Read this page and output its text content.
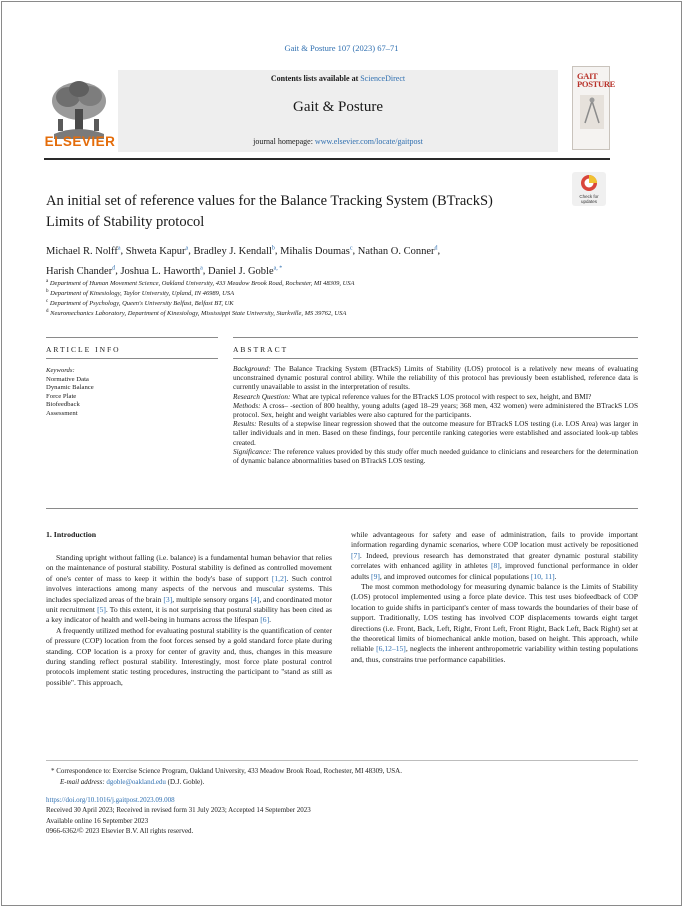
Gait & Posture 107 (2023) 67–71
ELSEVIER
Contents lists available at ScienceDirect
Gait & Posture
journal homepage: www.elsevier.com/locate/gaitpost
GAIT POSTURE
An initial set of reference values for the Balance Tracking System (BTrackS)
Limits of Stability protocol
Check for updates
Michael R. Nolff$^a$, Shweta Kapur$^a$, Bradley J. Kendall$^b$, Mihalis Doumas$^c$, Nathan O. Conner$^d$,
Harish Chander$^d$, Joshua L. Haworth$^a$, Daniel J. Goble$^{a, *}$
$^a$ Department of Human Movement Science, Oakland University, 433 Meadow Brook Road, Rochester, MI 48309, USA
$^b$ Department of Kinesiology, Taylor University, Upland, IN 46989, USA
$^c$ Department of Psychology, Queen's University Belfast, Belfast BT, UK
$^d$ Neuromechanics Laboratory, Department of Kinesiology, Mississippi State University, Starkville, MS 39762, USA
ARTICLE INFO	ABSTRACT
Keywords:
Normative Data
Dynamic Balance
Force Plate
Biofeedback
Assessment

Background: The Balance Tracking System (BTrackS) Limits of Stability (LOS) protocol is a relatively new means of evaluating unconstrained dynamic postural control ability. While the reliability of this protocol has previously been established, reference data is currently unavailable to assist in the interpretation of results.

Research Question: What are typical reference values for the BTrackS LOS protocol with respect to sex, height, and BMI?

Methods: A cross– -section of 800 healthy, young adults (aged 18–29 years; 368 men, 432 women) were administered the BTrackS LOS protocol. Sex, height and weight variables were also captured for the participants.

Results: Results of a stepwise linear regression showed that the outcome measure for BTrackS LOS testing (i.e. LOS Area) was larger in taller individuals and in men. Based on these findings, four percentile ranking categories were established and associated look-up tables created.

Significance: The reference values provided by this study offer much needed guidance to clinicians and researchers for the determination of dynamic balance abnormalities based on BTrackS LOS testing.

1. Introduction

Standing upright without falling (i.e. balance) is a fundamental human behavior that relies on the maintenance of postural stability. Postural stability is defined as controlled movement of one's center of mass to keep it within the body's base of support [1,2]. Such control involves interactions among many aspects of the nervous and muscular systems. This includes specialized areas of the brain [3], multiple sensory organs [4], and coordinated motor unit recruitment [5]. To this extent, it is not surprising that postural stability has been cited as a key indicator of health and well-being in humans across the lifespan [6].

A frequently utilized method for evaluating postural stability is the quantification of center of pressure (COP) location from the foot forces sensed by a gold standard force plate during standing. COP location is a proxy for center of gravity and, thus, changes in this measure during standing reflect postural stability. Interestingly, most force plate postural control protocols implement static testing procedures, instructing the participant to "stand as still as possible". This approach,

while advantageous for safety and ease of administration, fails to provide important information regarding dynamic scenarios, where COP location must actively be repositioned [7]. Indeed, previous research has demonstrated that greater dynamic postural stability correlates with enhanced agility in athletes [8], improved functional performance in older adults [9], and improved outcomes for clinical populations [10, 11].

The most common methodology for measuring dynamic balance is the Limits of Stability (LOS) protocol implemented using a force plate device. This test uses biofeedback of COP location to guide shifts in participant's center of mass towards the boundaries of their base of support. Traditionally, LOS testing has involved COP displacements towards eight target directions (i.e. Front, Back, Left, Right, Front Left, Front Right, Back Left, Back Right) set at the theoretical limits of biomechanical ankle motion, based on height. This approach, while reliable [6,12–15], neglects the inherent anthropometric variability within testing populations and, thus, constrains true performance capabilities.

* Correspondence to: Exercise Science Program, Oakland University, 433 Meadow Brook Road, Rochester, MI 48309, USA.
E-mail address: dgoble@oakland.edu (D.J. Goble).
https://doi.org/10.1016/j.gaitpost.2023.09.008
Received 30 April 2023; Received in revised form 31 July 2023; Accepted 14 September 2023
Available online 16 September 2023
0966-6362/© 2023 Elsevier B.V. All rights reserved.
